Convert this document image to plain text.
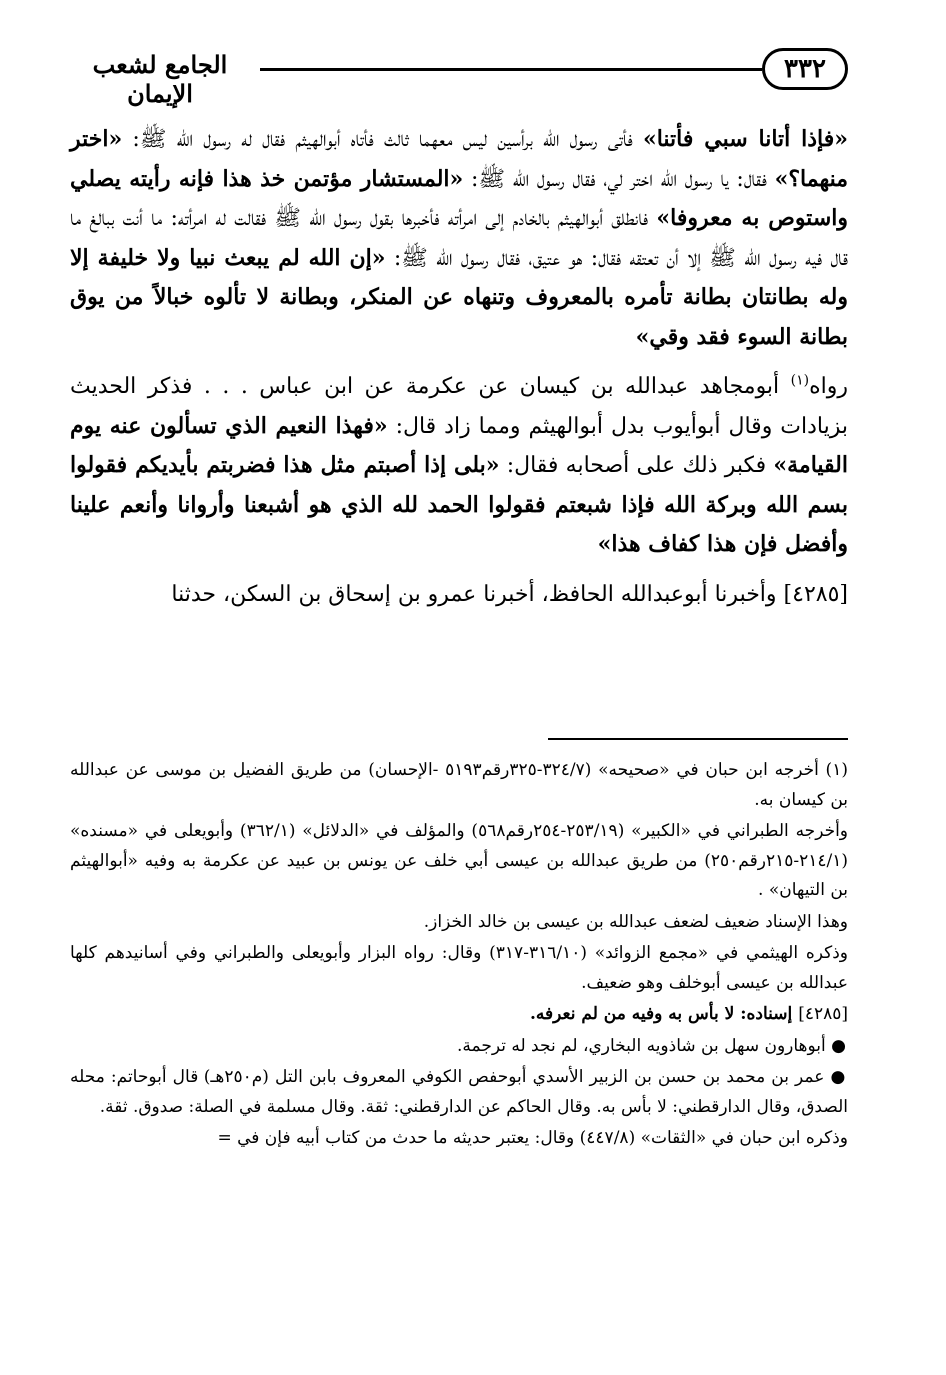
٣٣٢
الجامع لشعب الإيمان

«فإذا أتانا سبي فأتنا» فأتى رسول الله برأسين ليس معهما ثالث فأتاه أبوالهيثم فقال له رسول الله ﷺ: «اختر منهما؟» فقال: يا رسول الله اختر لي، فقال رسول الله ﷺ: «المستشار مؤتمن خذ هذا فإنه رأيته يصلي واستوص به معروفا» فانطلق أبوالهيثم بالخادم إلى امرأته فأخبرها بقول رسول الله ﷺ فقالت له امرأته: ما أنت ببالغ ما قال فيه رسول الله ﷺ إلا أن تعتقه فقال: هو عتيق، فقال رسول الله ﷺ: «إن الله لم يبعث نبيا ولا خليفة إلا وله بطانتان بطانة تأمره بالمعروف وتنهاه عن المنكر، وبطانة لا تألوه خبالاً من يوق بطانة السوء فقد وقي»

رواه$^{(١)}$ أبومجاهد عبدالله بن كيسان عن عكرمة عن ابن عباس . . . فذكر الحديث بزيادات وقال أبوأيوب بدل أبوالهيثم ومما زاد قال: «فهذا النعيم الذي تسألون عنه يوم القيامة» فكبر ذلك على أصحابه فقال: «بلى إذا أصبتم مثل هذا فضربتم بأيديكم فقولوا بسم الله وبركة الله فإذا شبعتم فقولوا الحمد لله الذي هو أشبعنا وأروانا وأنعم علينا وأفضل فإن هذا كفاف هذا»

[٤٢٨٥] وأخبرنا أبوعبدالله الحافظ، أخبرنا عمرو بن إسحاق بن السكن، حدثنا

(١) أخرجه ابن حبان في «صحيحه» (٣٢٤/٧-٣٢٥رقم٥١٩٣ -الإحسان) من طريق الفضيل بن موسى عن عبدالله بن كيسان به.

وأخرجه الطبراني في «الكبير» (٢٥٣/١٩-٢٥٤رقم٥٦٨) والمؤلف في «الدلائل» (٣٦٢/١) وأبويعلى في «مسنده» (٢١٤/١-٢١٥رقم٢٥٠) من طريق عبدالله بن عيسى أبي خلف عن يونس بن عبيد عن عكرمة به وفيه «أبوالهيثم بن التيهان» .

وهذا الإسناد ضعيف لضعف عبدالله بن عيسى بن خالد الخزاز.

وذكره الهيثمي في «مجمع الزوائد» (٣١٦/١٠-٣١٧) وقال: رواه البزار وأبويعلى والطبراني وفي أسانيدهم كلها عبدالله بن عيسى أبوخلف وهو ضعيف.

[٤٢٨٥] إسناده: لا بأس به وفيه من لم نعرفه.

● أبوهارون سهل بن شاذويه البخاري، لم نجد له ترجمة.

● عمر بن محمد بن حسن بن الزبير الأسدي أبوحفص الكوفي المعروف بابن التل (م٢٥٠هـ) قال أبوحاتم: محله الصدق، وقال الدارقطني: لا بأس به. وقال الحاكم عن الدارقطني: ثقة. وقال مسلمة في الصلة: صدوق. ثقة.

وذكره ابن حبان في «الثقات» (٤٤٧/٨) وقال: يعتبر حديثه ما حدث من كتاب أبيه فإن في =
